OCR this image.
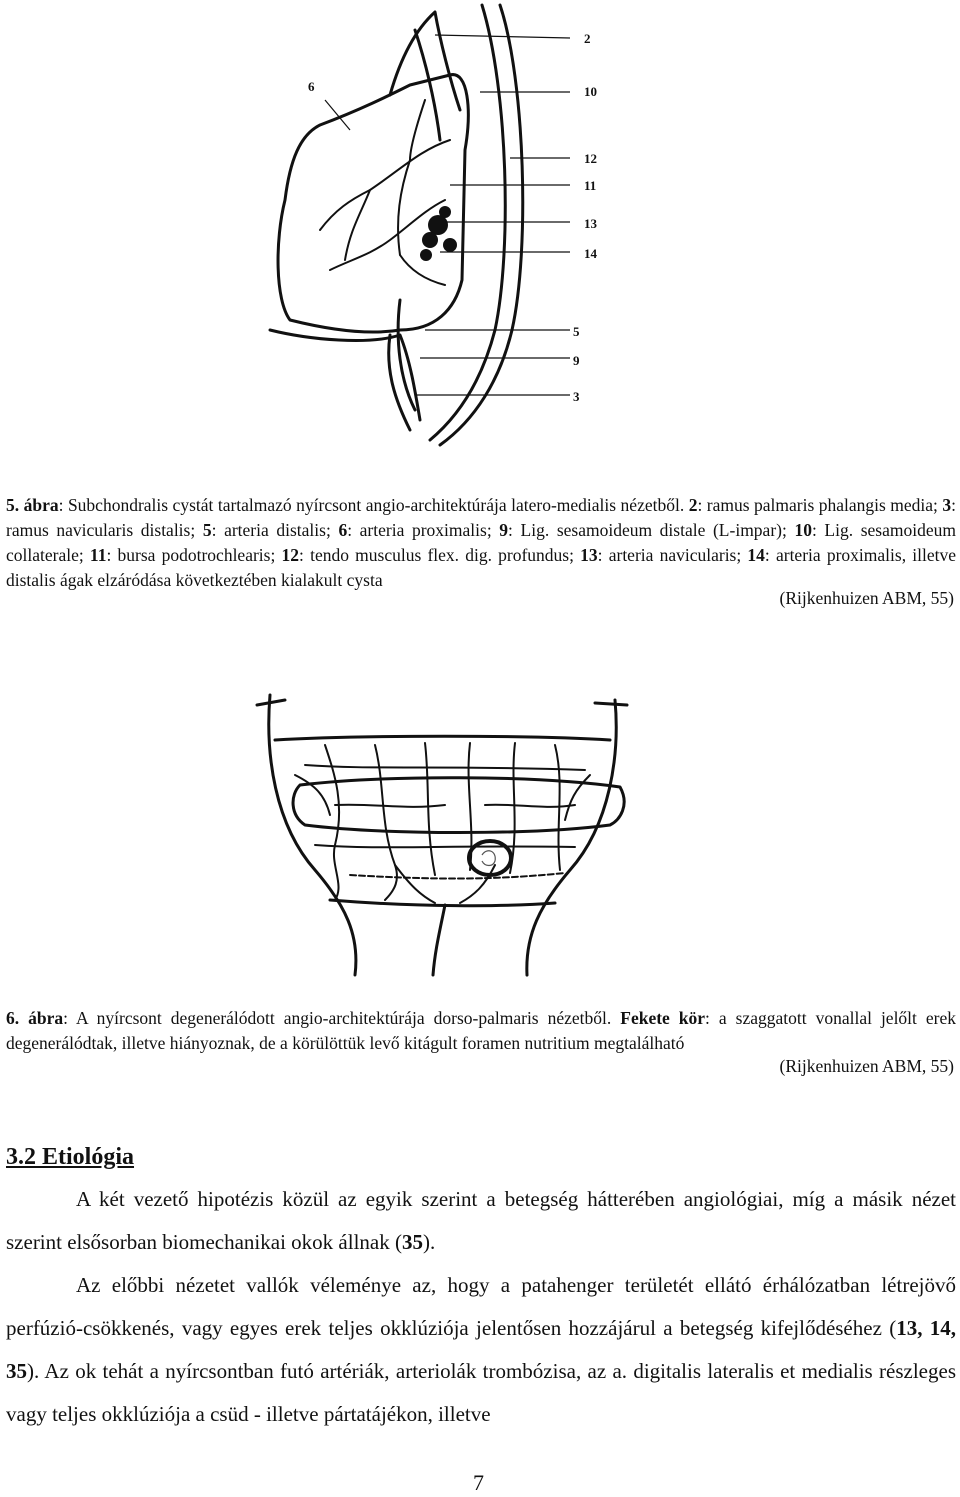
2
10
12
11
13
14
5
9
3
6
5. ábra: Subchondralis cystát tartalmazó nyírcsont angio-architektúrája latero-medialis nézetből. 2: ramus palmaris phalangis media; 3: ramus navicularis distalis; 5: arteria distalis; 6: arteria proximalis; 9: Lig. sesamoideum distale (L-impar); 10: Lig. sesamoideum collaterale; 11: bursa podotrochlearis; 12: tendo musculus flex. dig. profundus; 13: arteria navicularis; 14: arteria proximalis, illetve distalis ágak elzáródása következtében kialakult cysta
(Rijkenhuizen ABM, 55)
6. ábra: A nyírcsont degenerálódott angio-architektúrája dorso-palmaris nézetből. Fekete kör: a szaggatott vonallal jelőlt erek degenerálódtak, illetve hiányoznak, de a körülöttük levő kitágult foramen nutritium megtalálható
(Rijkenhuizen ABM, 55)
3.2 Etiológia
A két vezető hipotézis közül az egyik szerint a betegség hátterében angiológiai, míg a másik nézet szerint elsősorban biomechanikai okok állnak (35).
Az előbbi nézetet vallók véleménye az, hogy a patahenger területét ellátó érhálózatban létrejövő perfúzió-csökkenés, vagy egyes erek teljes okklúziója jelentősen hozzájárul a betegség kifejlődéséhez (13, 14, 35). Az ok tehát a nyírcsontban futó artériák, arteriolák trombózisa, az a. digitalis lateralis et medialis részleges vagy teljes okklúziója a csüd - illetve pártatájékon, illetve
7
